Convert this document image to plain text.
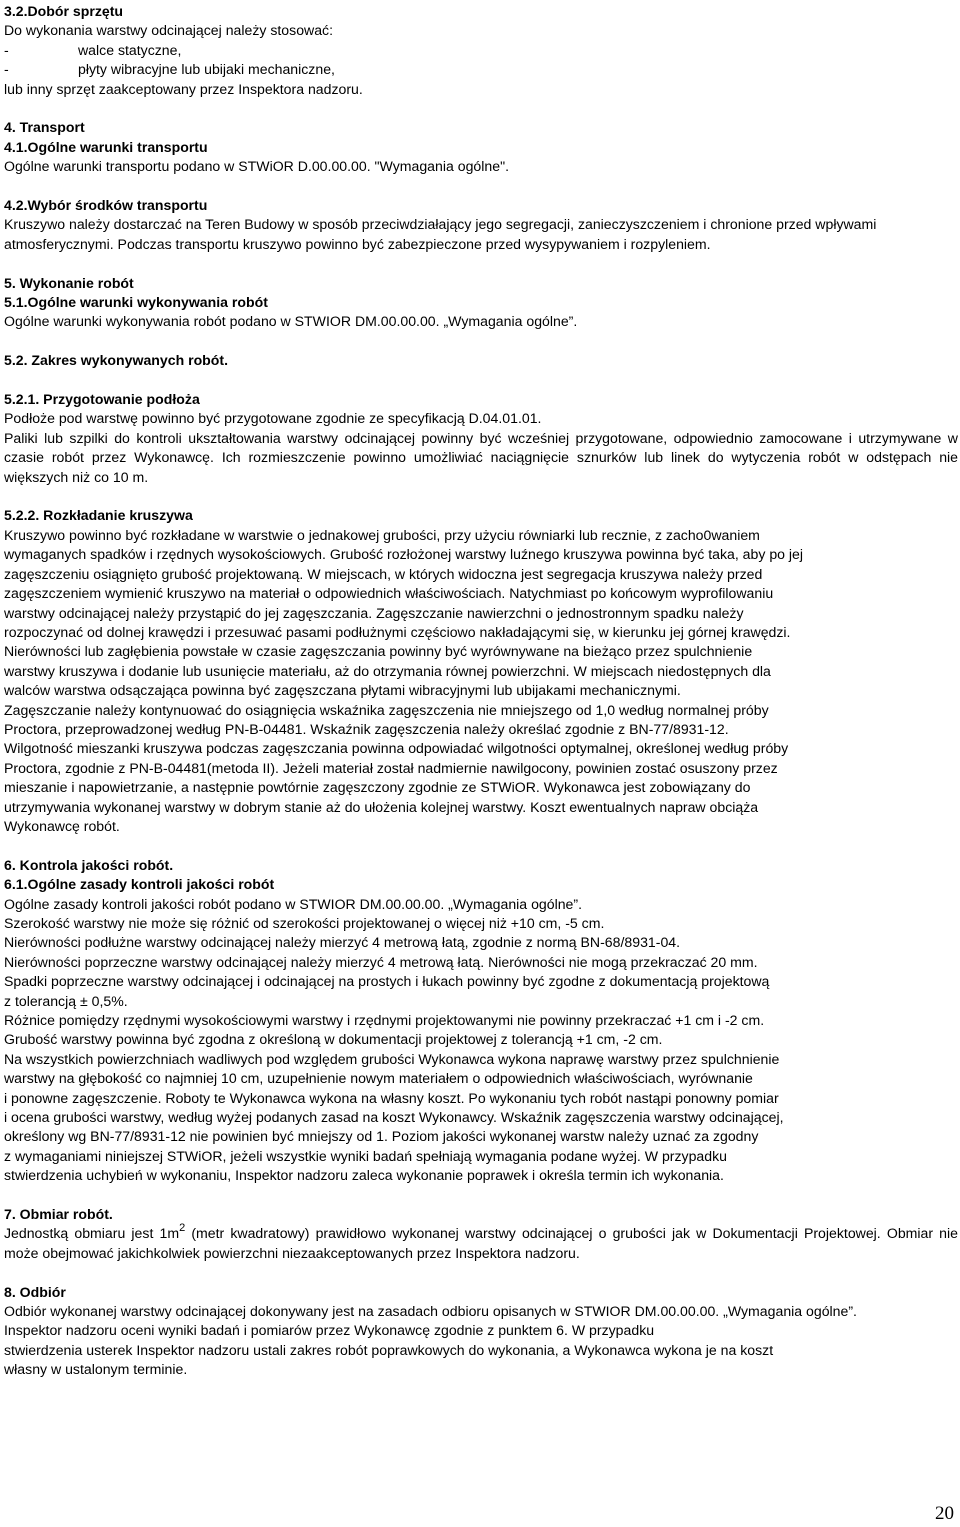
3.2.Dobór sprzętu

Do wykonania warstwy odcinającej należy stosować:

-	walce statyczne,
-	płyty wibracyjne lub ubijaki mechaniczne,

lub inny sprzęt zaakceptowany przez Inspektora nadzoru.

4. Transport

4.1.Ogólne warunki transportu

Ogólne warunki transportu podano w STWiOR D.00.00.00. "Wymagania ogólne".

4.2.Wybór środków transportu

Kruszywo należy dostarczać na Teren Budowy w sposób przeciwdziałający jego segregacji, zanieczyszczeniem i chronione przed wpływami atmosferycznymi. Podczas transportu kruszywo powinno być zabezpieczone przed wysypywaniem i rozpyleniem.

5. Wykonanie robót

5.1.Ogólne warunki wykonywania robót

Ogólne warunki wykonywania robót podano w STWIOR DM.00.00.00. „Wymagania ogólne”.

5.2. Zakres wykonywanych robót.

5.2.1. Przygotowanie podłoża

Podłoże pod warstwę powinno być przygotowane zgodnie ze specyfikacją D.04.01.01.

Paliki lub szpilki do kontroli ukształtowania warstwy odcinającej powinny być wcześniej przygotowane, odpowiednio zamocowane i utrzymywane w czasie robót przez Wykonawcę. Ich rozmieszczenie powinno umożliwiać naciągnięcie sznurków lub linek do wytyczenia robót w odstępach nie większych niż co 10 m.

5.2.2. Rozkładanie kruszywa

Kruszywo powinno być rozkładane w warstwie o jednakowej grubości, przy użyciu równiarki lub recznie, z zacho0waniem

wymaganych spadków i rzędnych wysokościowych. Grubość rozłożonej warstwy luźnego kruszywa powinna być taka, aby po jej

zagęszczeniu osiągnięto grubość projektowaną. W miejscach, w których widoczna jest segregacja kruszywa należy przed

zagęszczeniem wymienić kruszywo na materiał o odpowiednich właściwościach. Natychmiast po końcowym wyprofilowaniu

warstwy odcinającej należy przystąpić do jej zagęszczania. Zagęszczanie nawierzchni o jednostronnym spadku należy

rozpoczynać od dolnej krawędzi i przesuwać pasami podłużnymi częściowo nakładającymi się, w kierunku jej górnej krawędzi.

Nierówności lub zagłębienia powstałe w czasie zagęszczania powinny być wyrównywane na bieżąco przez spulchnienie

warstwy kruszywa i dodanie lub usunięcie materiału, aż do otrzymania równej powierzchni. W miejscach niedostępnych dla

walców warstwa odsączająca powinna być zagęszczana płytami wibracyjnymi lub ubijakami mechanicznymi.

Zagęszczanie należy kontynuować do osiągnięcia wskaźnika zagęszczenia nie mniejszego od 1,0 według normalnej próby

Proctora, przeprowadzonej według PN-B-04481. Wskaźnik zagęszczenia należy określać zgodnie z BN-77/8931-12.

Wilgotność mieszanki kruszywa podczas zagęszczania powinna odpowiadać wilgotności optymalnej, określonej według próby

Proctora, zgodnie z PN-B-04481(metoda II). Jeżeli materiał został nadmiernie nawilgocony, powinien zostać osuszony przez

mieszanie i napowietrzanie, a następnie powtórnie zagęszczony zgodnie ze STWiOR. Wykonawca jest zobowiązany do

utrzymywania wykonanej warstwy w dobrym stanie aż do ułożenia kolejnej warstwy. Koszt ewentualnych napraw obciąża

Wykonawcę robót.

6. Kontrola jakości robót.

6.1.Ogólne zasady kontroli jakości robót

Ogólne zasady kontroli jakości robót podano w STWIOR DM.00.00.00. „Wymagania ogólne”.

Szerokość warstwy nie może się różnić od szerokości projektowanej o więcej niż +10 cm, -5 cm.

Nierówności podłużne warstwy odcinającej należy mierzyć 4 metrową łatą, zgodnie z normą BN-68/8931-04.

Nierówności poprzeczne warstwy odcinającej należy mierzyć 4 metrową łatą. Nierówności nie mogą przekraczać 20 mm.

Spadki poprzeczne warstwy odcinającej i odcinającej na prostych i łukach powinny być zgodne z dokumentacją projektową

z tolerancją ± 0,5%.

Różnice pomiędzy rzędnymi wysokościowymi warstwy i rzędnymi projektowanymi nie powinny przekraczać +1 cm i -2 cm.

Grubość warstwy powinna być zgodna z określoną w dokumentacji projektowej z tolerancją +1 cm, -2 cm.

Na wszystkich powierzchniach wadliwych pod względem grubości Wykonawca wykona naprawę warstwy przez spulchnienie

warstwy na głębokość co najmniej 10 cm, uzupełnienie nowym materiałem o odpowiednich właściwościach, wyrównanie

i ponowne zagęszczenie. Roboty te Wykonawca wykona na własny koszt. Po wykonaniu tych robót nastąpi ponowny pomiar

i ocena grubości warstwy, według wyżej podanych zasad na koszt Wykonawcy. Wskaźnik zagęszczenia warstwy odcinającej,

określony wg BN-77/8931-12 nie powinien być mniejszy od 1. Poziom jakości wykonanej warstw należy uznać za zgodny

z wymaganiami niniejszej STWiOR, jeżeli wszystkie wyniki badań spełniają wymagania podane wyżej. W przypadku

stwierdzenia uchybień w wykonaniu, Inspektor nadzoru zaleca wykonanie poprawek i określa termin ich wykonania.

7. Obmiar robót.

Jednostką obmiaru jest $1m^2$ (metr kwadratowy) prawidłowo wykonanej warstwy odcinającej o grubości jak w Dokumentacji Projektowej. Obmiar nie może obejmować jakichkolwiek powierzchni niezaakceptowanych przez Inspektora nadzoru.

8. Odbiór

Odbiór wykonanej warstwy odcinającej dokonywany jest na zasadach odbioru opisanych w STWIOR DM.00.00.00. „Wymagania ogólne”.

Inspektor nadzoru oceni wyniki badań i pomiarów przez Wykonawcę zgodnie z punktem 6. W przypadku

stwierdzenia usterek Inspektor nadzoru ustali zakres robót poprawkowych do wykonania, a Wykonawca wykona je na koszt

własny w ustalonym terminie.

20
